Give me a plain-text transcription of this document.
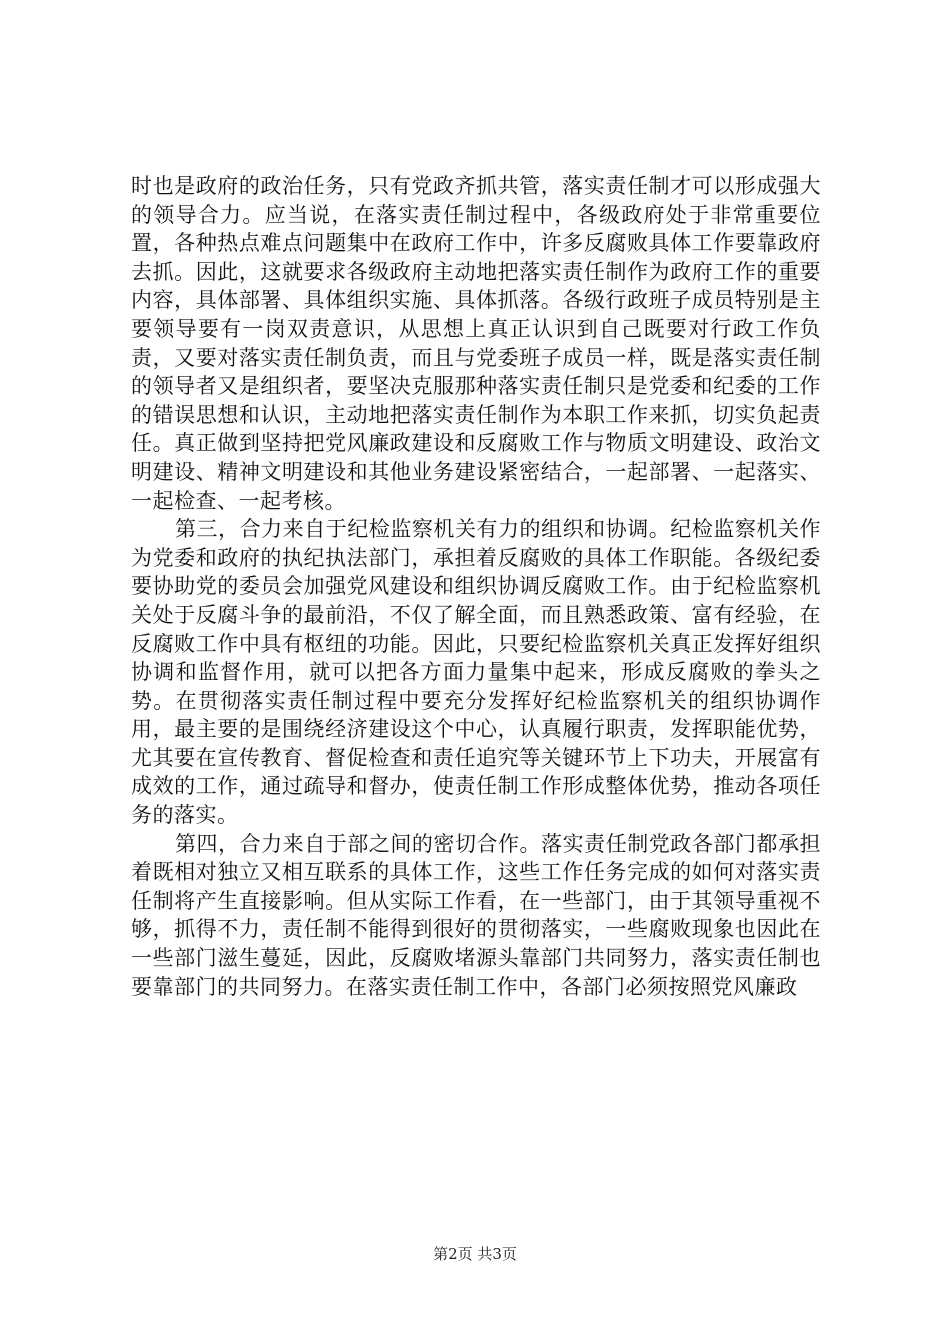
时也是政府的政治任务，只有党政齐抓共管，落实责任制才可以形成强大的领导合力。应当说，在落实责任制过程中，各级政府处于非常重要位置，各种热点难点问题集中在政府工作中，许多反腐败具体工作要靠政府去抓。因此，这就要求各级政府主动地把落实责任制作为政府工作的重要内容，具体部署、具体组织实施、具体抓落。各级行政班子成员特别是主要领导要有一岗双责意识，从思想上真正认识到自己既要对行政工作负责，又要对落实责任制负责，而且与党委班子成员一样，既是落实责任制的领导者又是组织者，要坚决克服那种落实责任制只是党委和纪委的工作的错误思想和认识，主动地把落实责任制作为本职工作来抓，切实负起责任。真正做到坚持把党风廉政建设和反腐败工作与物质文明建设、政治文明建设、精神文明建设和其他业务建设紧密结合，一起部署、一起落实、一起检查、一起考核。

第三，合力来自于纪检监察机关有力的组织和协调。纪检监察机关作为党委和政府的执纪执法部门，承担着反腐败的具体工作职能。各级纪委要协助党的委员会加强党风建设和组织协调反腐败工作。由于纪检监察机关处于反腐斗争的最前沿，不仅了解全面，而且熟悉政策、富有经验，在反腐败工作中具有枢纽的功能。因此，只要纪检监察机关真正发挥好组织协调和监督作用，就可以把各方面力量集中起来，形成反腐败的拳头之势。在贯彻落实责任制过程中要充分发挥好纪检监察机关的组织协调作用，最主要的是围绕经济建设这个中心，认真履行职责，发挥职能优势，尤其要在宣传教育、督促检查和责任追究等关键环节上下功夫，开展富有成效的工作，通过疏导和督办，使责任制工作形成整体优势，推动各项任务的落实。

第四，合力来自于部之间的密切合作。落实责任制党政各部门都承担着既相对独立又相互联系的具体工作，这些工作任务完成的如何对落实责任制将产生直接影响。但从实际工作看，在一些部门，由于其领导重视不够，抓得不力，责任制不能得到很好的贯彻落实，一些腐败现象也因此在一些部门滋生蔓延，因此，反腐败堵源头靠部门共同努力，落实责任制也要靠部门的共同努力。在落实责任制工作中，各部门必须按照党风廉政

第2页 共3页
